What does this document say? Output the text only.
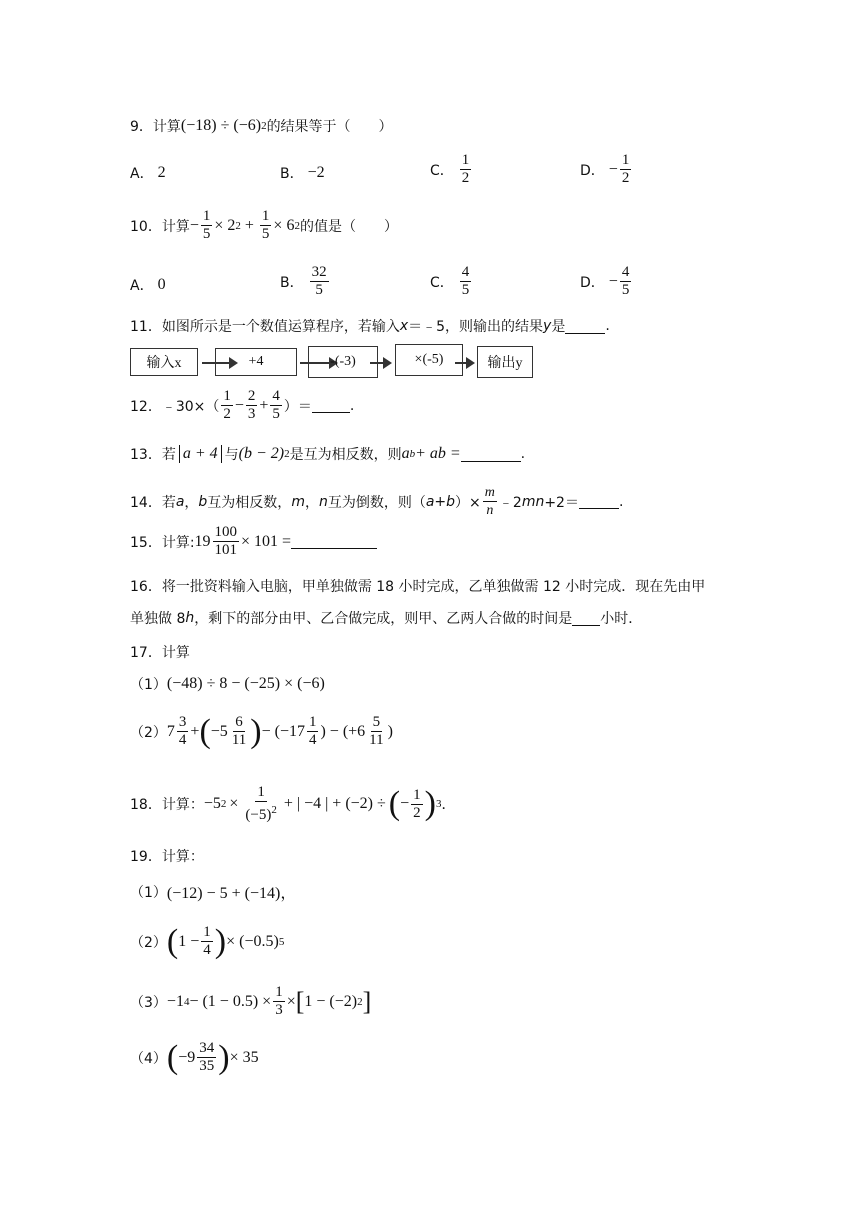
9． 计算 (−18) ÷ (−6) 2 的结果等于（　　）
A． 2	B． −2	C． $\frac{1}{2}$	D． − $\frac{1}{2}$
10． 计算 − $\frac{1}{5} \times 2$ $2 + \frac{1}{5} \times 6$ 2 的值是（　　）
A． 0	B． $\frac{32}{5}$	C． $\frac{4}{5}$	D． − $\frac{4}{5}$
11．如图所示是一个数值运算程序，若输入 x ＝﹣5，则输出的结果 y 是	.
输入x	+4	-(-3)	×(-5)	输出y
12．﹣30×（ $\frac{1}{2} - \frac{2}{3} + \frac{4}{5}$ ）＝	.
13．若 a + 4 与 (b − 2) 2 是互为相反数，则 a b + ab =	.
14．若 a ， b 互为相反数， m ， n 互为倒数，则（ a+b ）× $\frac{m}{n}$ ﹣2 mn +2＝	.
15．计算: $19 \frac{100}{101} \times 101$ =
16．将一批资料输入电脑，甲单独做需 18 小时完成，乙单独做需 12 小时完成．现在先由甲
单独做 8 h ，剩下的部分由甲、乙合做完成，则甲、乙两人合做的时间是 小时．
17．计算
（1） (−48) ÷ 8 − (−25) × (−6)
（2） $7 \frac{3}{4}$ + ( $-5 \frac{6}{11}$ ) − ($-17 \frac{1}{4}$ ) − ($+6 \frac{5}{11}$ )
18．计算： −5 $2 \times \frac{1}{(-5)^2}$ + | −4 | + (−2) ÷ ( − $\frac{1}{2}$ ) 3 ．
19．计算：
（1） (−12) − 5 + (−14)，
（2） ( $1 - \frac{1}{4}$ ) × (−0.5) 5
（3） −1 $4 - (1 - 0.5) \times \frac{1}{3}$ × [ 1 − (−2) 2 ]
（4） ( $-9 \frac{34}{35}$ ) × 35
